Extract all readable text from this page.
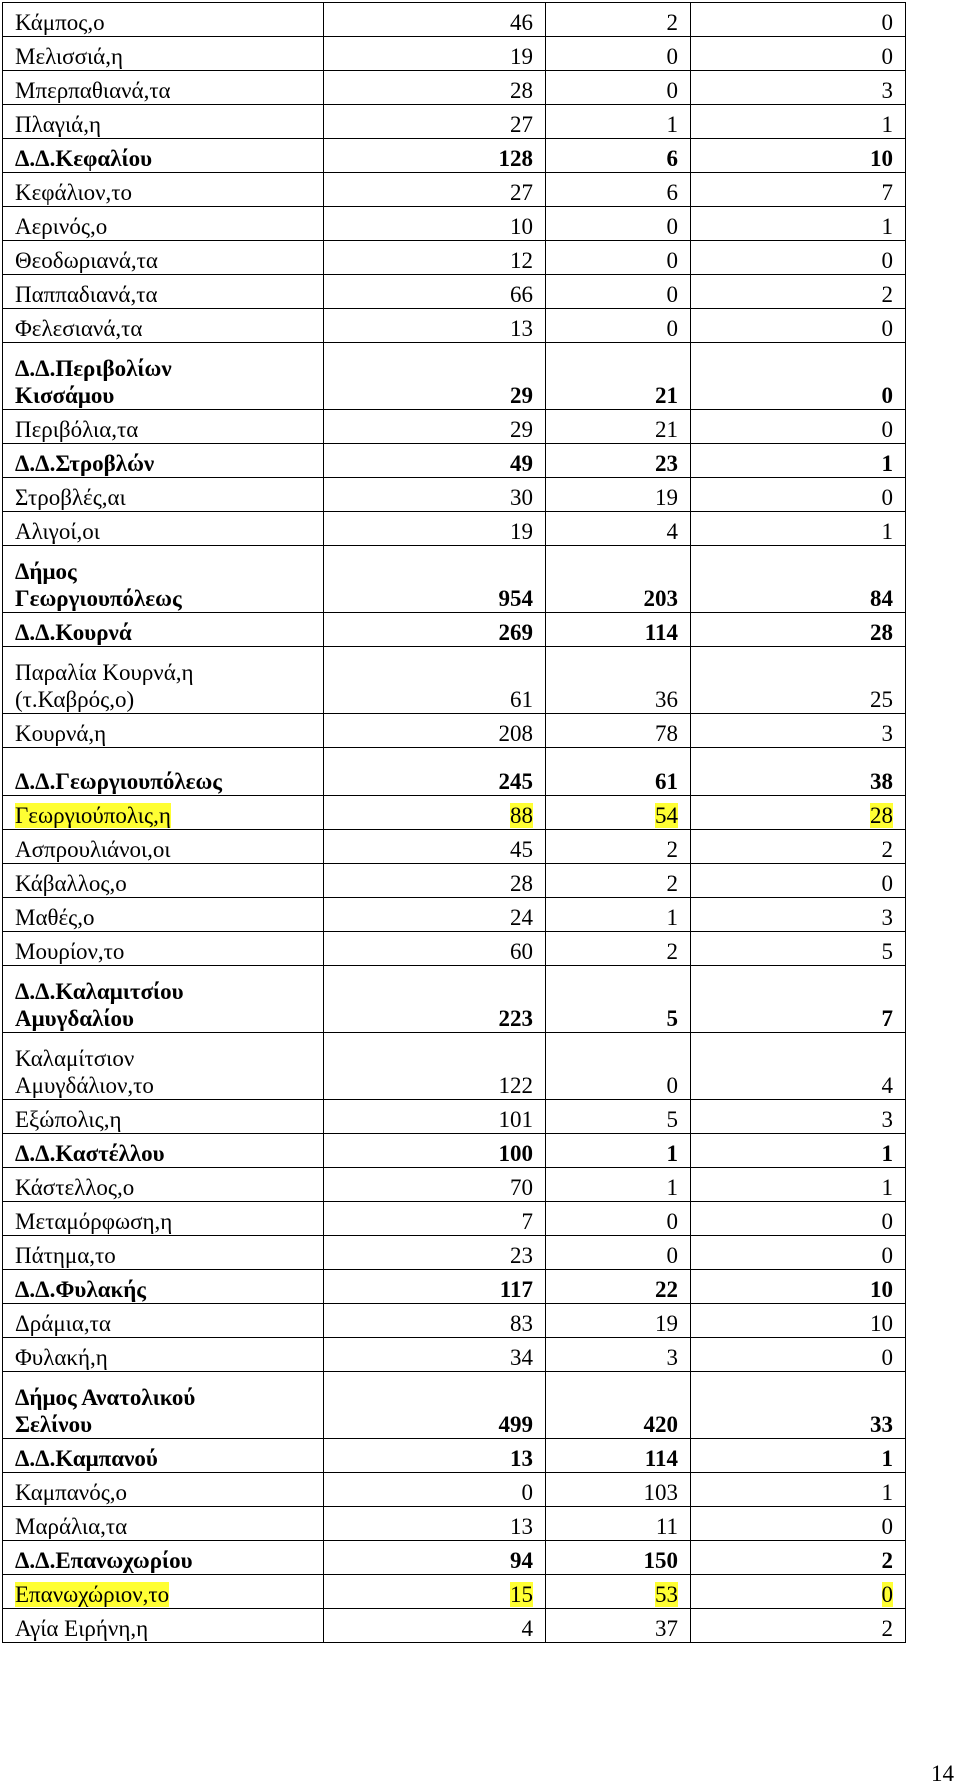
Κάμπος,ο	46	2	0
Μελισσιά,η	19	0	0
Μπερπαθιανά,τα	28	0	3
Πλαγιά,η	27	1	1
Δ.Δ.Κεφαλίου	128	6	10
Κεφάλιον,το	27	6	7
Αερινός,ο	10	0	1
Θεοδωριανά,τα	12	0	0
Παππαδιανά,τα	66	0	2
Φελεσιανά,τα	13	0	0
Δ.Δ.Περιβολίων
Κισσάμου	29	21	0
Περιβόλια,τα	29	21	0
Δ.Δ.Στροβλών	49	23	1
Στροβλές,αι	30	19	0
Αλιγοί,οι	19	4	1
Δήμος
Γεωργιουπόλεως	954	203	84
Δ.Δ.Κουρνά	269	114	28
Παραλία Κουρνά,η
(τ.Καβρός,ο)	61	36	25
Κουρνά,η	208	78	3
Δ.Δ.Γεωργιουπόλεως	245	61	38
Γεωργιούπολις,η	88	54	28
Ασπρουλιάνοι,οι	45	2	2
Κάβαλλος,ο	28	2	0
Μαθές,ο	24	1	3
Μουρίον,το	60	2	5
Δ.Δ.Καλαμιτσίου
Αμυγδαλίου	223	5	7
Καλαμίτσιον
Αμυγδάλιον,το	122	0	4
Εξώπολις,η	101	5	3
Δ.Δ.Καστέλλου	100	1	1
Κάστελλος,ο	70	1	1
Μεταμόρφωση,η	7	0	0
Πάτημα,το	23	0	0
Δ.Δ.Φυλακής	117	22	10
Δράμια,τα	83	19	10
Φυλακή,η	34	3	0
Δήμος Ανατολικού
Σελίνου	499	420	33
Δ.Δ.Καμπανού	13	114	1
Καμπανός,ο	0	103	1
Μαράλια,τα	13	11	0
Δ.Δ.Επανωχωρίου	94	150	2
Επανωχώριον,το	15	53	0
Αγία Ειρήνη,η	4	37	2
14
